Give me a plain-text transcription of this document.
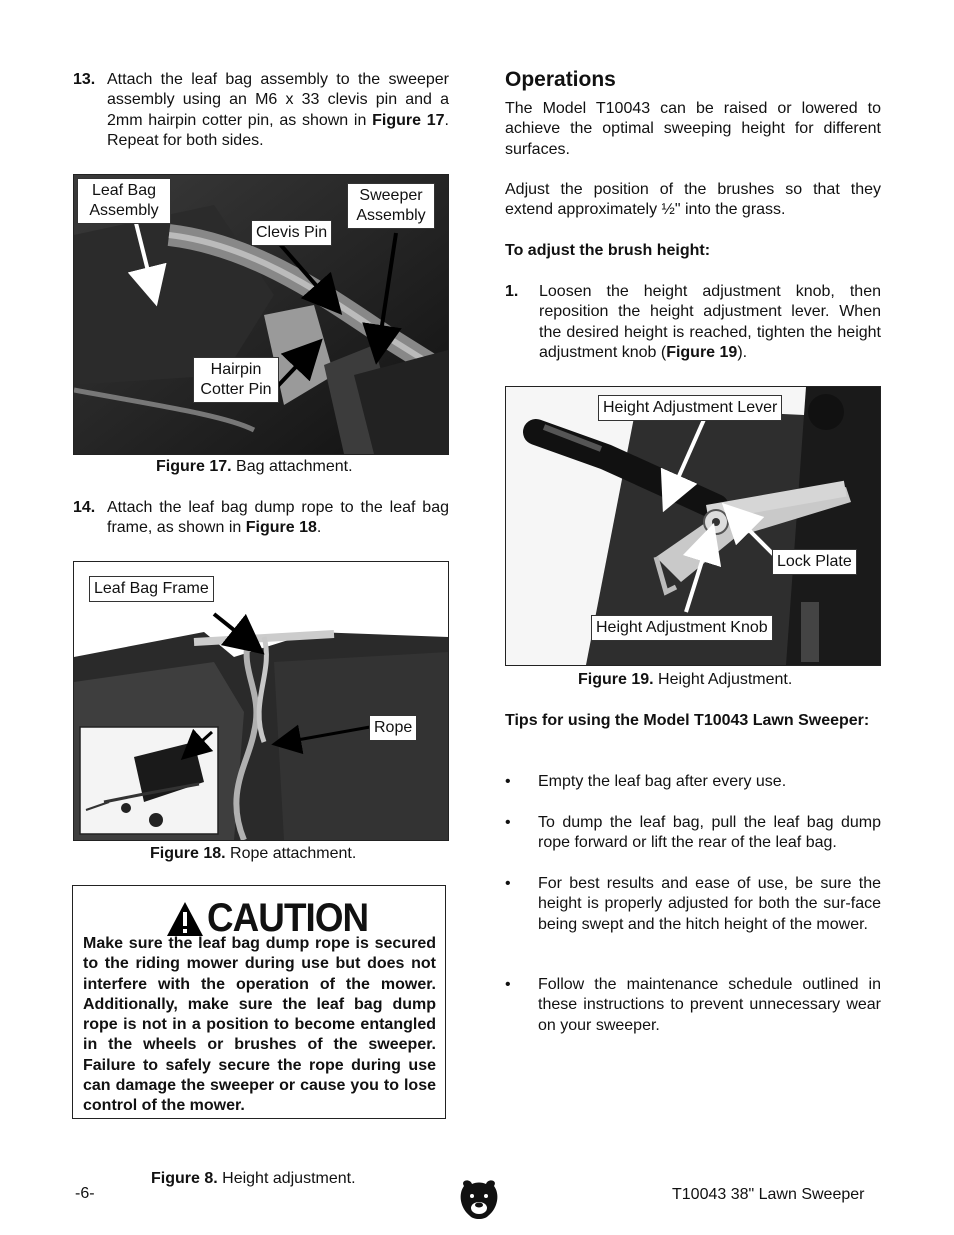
13. Attach the leaf bag assembly to the sweeper assembly using an M6 x 33 clevis pin and a 2mm hairpin cotter pin, as shown in Figure 17. Repeat for both sides.
Leaf Bag Assembly
Clevis Pin
Sweeper Assembly
Hairpin Cotter Pin
Figure 17. Bag attachment.
14. Attach the leaf bag dump rope to the leaf bag frame, as shown in Figure 18.
Leaf Bag Frame
Rope
Figure 18. Rope attachment.
CAUTION
Make sure the leaf bag dump rope is secured to the riding mower during use but does not interfere with the operation of the mower. Additionally, make sure the leaf bag dump rope is not in a position to become entangled in the wheels or brushes of the sweeper. Failure to safely secure the rope during use can damage the sweeper or cause you to lose control of the mower.
Operations
The Model T10043 can be raised or lowered to achieve the optimal sweeping height for different surfaces.
Adjust the position of the brushes so that they extend approximately ½" into the grass.
To adjust the brush height:
1. Loosen the height adjustment knob, then reposition the height adjustment lever. When the desired height is reached, tighten the height adjustment knob (Figure 19).
Height Adjustment Lever
Lock Plate
Height Adjustment Knob
Figure 19. Height Adjustment.
Tips for using the Model T10043 Lawn Sweeper:
• Empty the leaf bag after every use.
• To dump the leaf bag, pull the leaf bag dump rope forward or lift the rear of the leaf bag.
• For best results and ease of use, be sure the height is properly adjusted for both the sur-face being swept and the hitch height of the mower.
• Follow the maintenance schedule outlined in these instructions to prevent unnecessary wear on your sweeper.
-6-
Figure 8. Height adjustment.
T10043 38" Lawn Sweeper
